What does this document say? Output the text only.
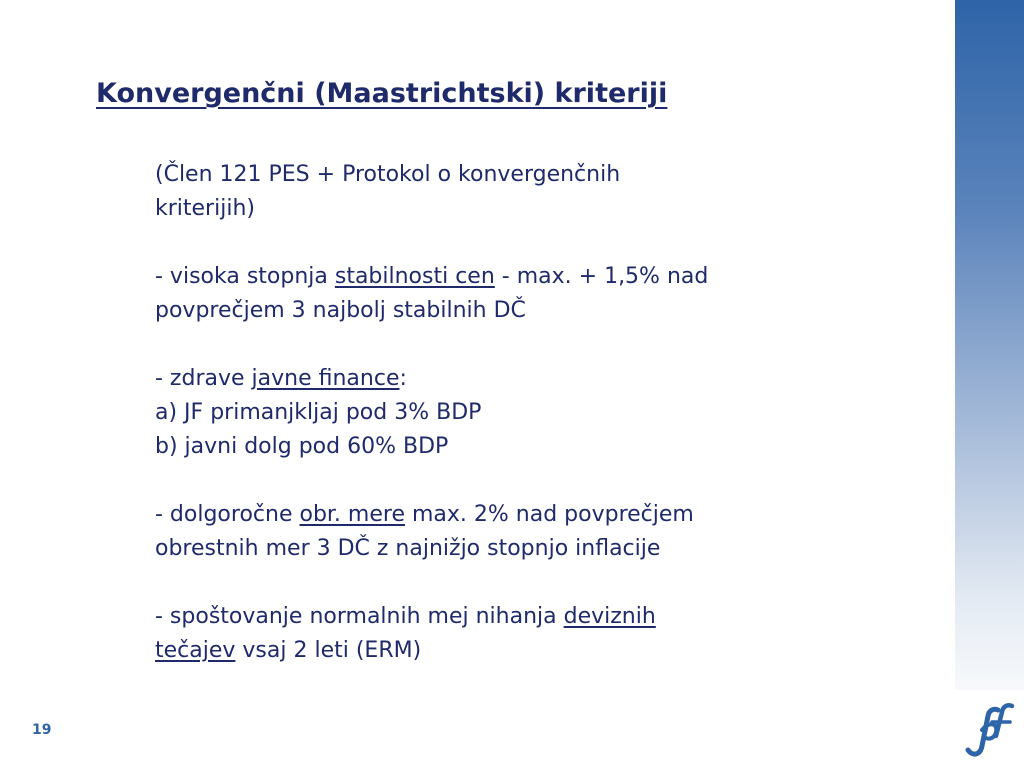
Konvergenčni (Maastrichtski) kriteriji

(Člen 121 PES + Protokol o konvergenčnih
kriterijih)

- visoka stopnja stabilnosti cen - max. + 1,5% nad
povprečjem 3 najbolj stabilnih DČ

- zdrave javne finance:
a) JF primanjkljaj pod 3% BDP
b) javni dolg pod 60% BDP

- dolgoročne obr. mere max. 2% nad povprečjem
obrestnih mer 3 DČ z najnižjo stopnjo inflacije

- spoštovanje normalnih mej nihanja deviznih
tečajev vsaj 2 leti (ERM)

19
